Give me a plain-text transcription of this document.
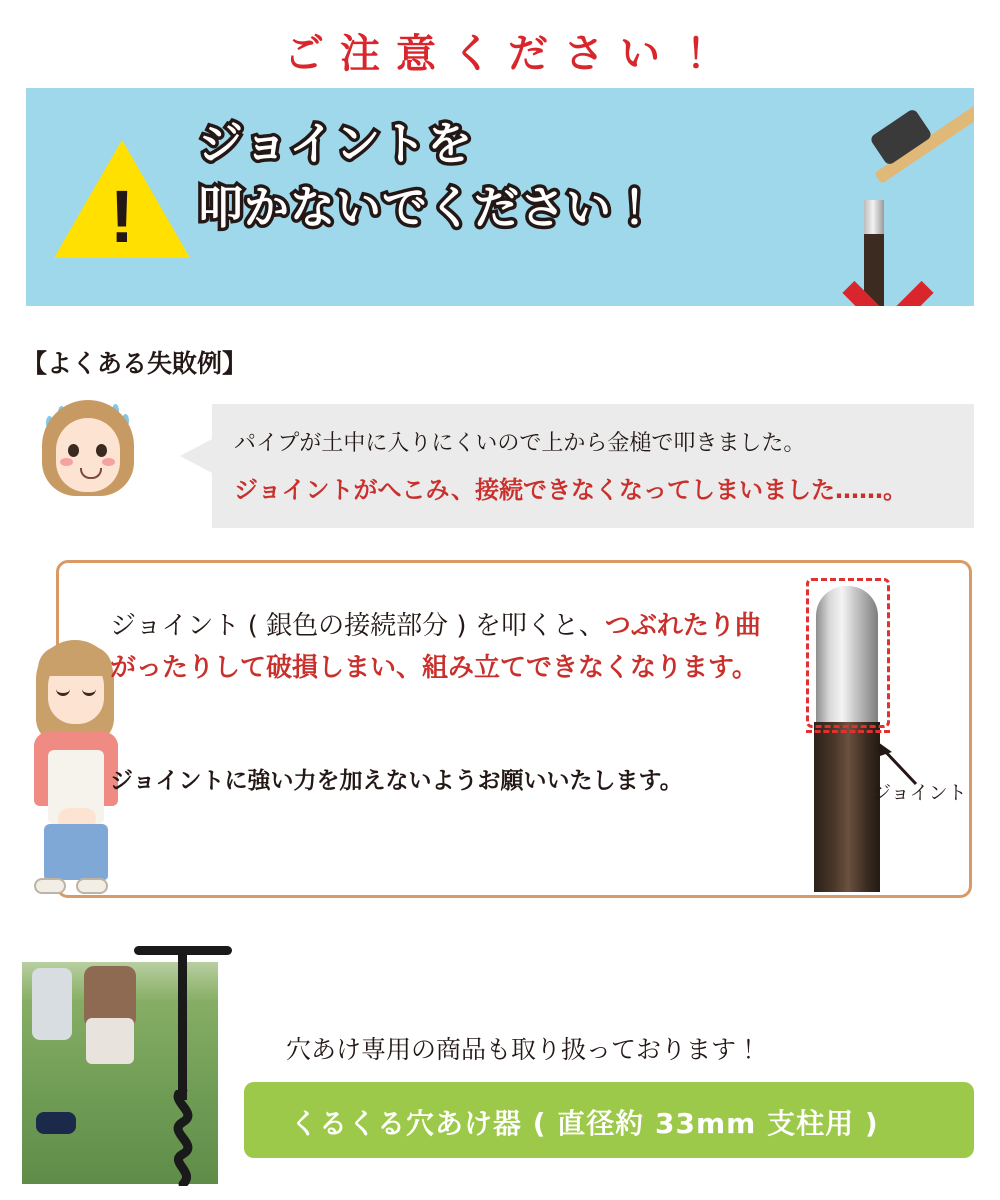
ご注意ください！
!
ジョイントを
叩かないでください！
【よくある失敗例】
パイプが土中に入りにくいので上から金槌で叩きました。
ジョイントがへこみ、接続できなくなってしまいました……。
ジョイント ( 銀色の接続部分 ) を叩くと、つぶれたり曲がったりして破損しまい、組み立てできなくなります。
ジョイントに強い力を加えないようお願いいたします。	ジョイント
穴あけ専用の商品も取り扱っております！
くるくる穴あけ器 ( 直径約 33mm 支柱用 )
